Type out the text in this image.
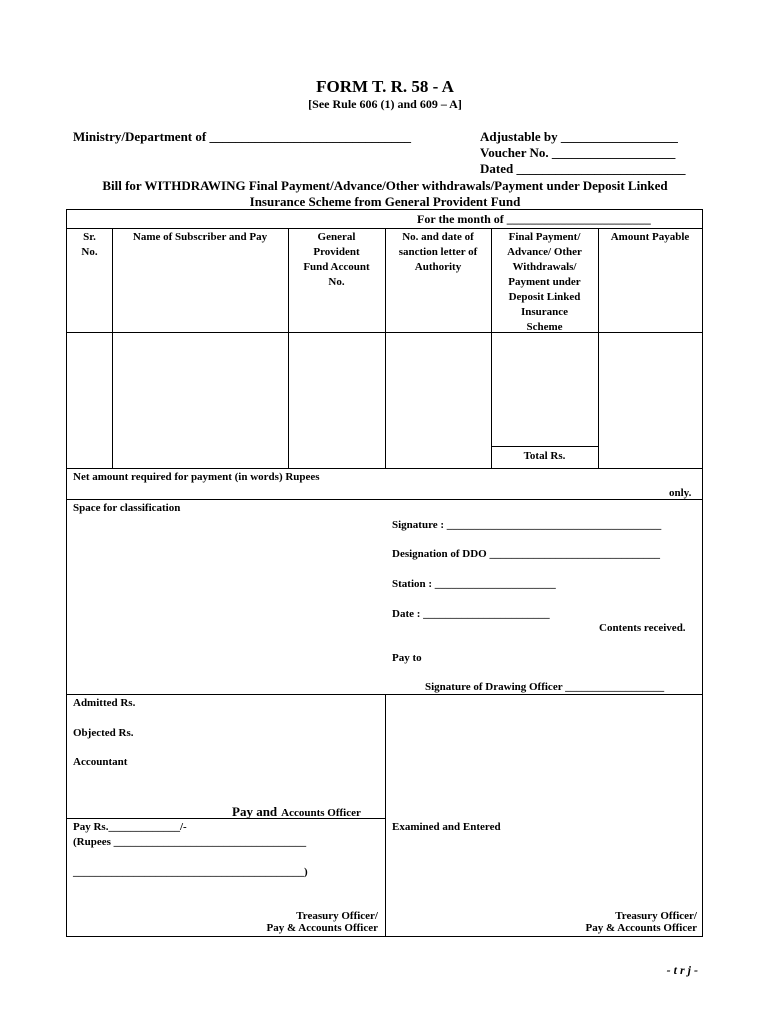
FORM T. R. 58 - A
[See Rule 606 (1) and 609 – A]
Ministry/Department of _______________________________	Adjustable by __________________
Voucher No. ___________________
Dated __________________________
Bill for WITHDRAWING Final Payment/Advance/Other withdrawals/Payment under Deposit Linked
Insurance Scheme from General Provident Fund
For the month of ________________________
Sr.
No.
Name of Subscriber and Pay	General
Provident
Fund Account
No.
No. and date of
sanction letter of
Authority
Final Payment/
Advance/ Other
Withdrawals/
Payment under
Deposit Linked
Insurance
Scheme
Amount Payable
Total Rs.
Net amount required for payment (in words) Rupees
only.
Space for classification
Signature : _______________________________________
Designation of DDO _______________________________
Station : ______________________
Date : _______________________
Contents received.
Pay to
Signature of Drawing Officer __________________
Admitted Rs.
Objected Rs.
Accountant
Pay and Accounts Officer
Pay Rs._____________/-
(Rupees ___________________________________
__________________________________________)
Examined and Entered
Treasury Officer/
Pay & Accounts Officer
Treasury Officer/
Pay & Accounts Officer
- t r j -
